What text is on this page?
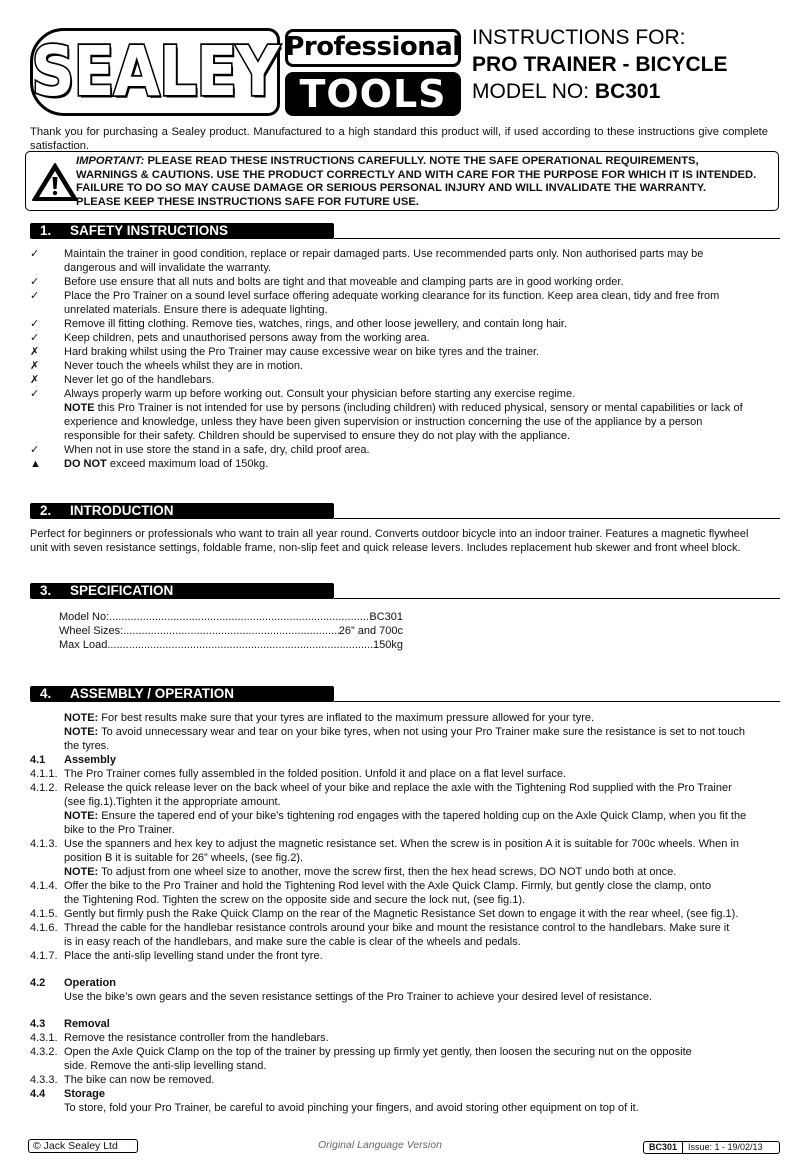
SEALEY Professional
TOOLS
INSTRUCTIONS FOR:
PRO TRAINER - BICYCLE
MODEL NO: BC301
Thank you for purchasing a Sealey product. Manufactured to a high standard this product will, if used according to these instructions give complete satisfaction.
IMPORTANT: PLEASE READ THESE INSTRUCTIONS CAREFULLY. NOTE THE SAFE OPERATIONAL REQUIREMENTS,
WARNINGS & CAUTIONS. USE THE PRODUCT CORRECTLY AND WITH CARE FOR THE PURPOSE FOR WHICH IT IS INTENDED.
FAILURE TO DO SO MAY CAUSE DAMAGE OR SERIOUS PERSONAL INJURY AND WILL INVALIDATE THE WARRANTY.
PLEASE KEEP THESE INSTRUCTIONS SAFE FOR FUTURE USE.
1. SAFETY INSTRUCTIONS
✓	Maintain the trainer in good condition, replace or repair damaged parts. Use recommended parts only. Non authorised parts may be
dangerous and will invalidate the warranty.
✓	Before use ensure that all nuts and bolts are tight and that moveable and clamping parts are in good working order.
✓	Place the Pro Trainer on a sound level surface offering adequate working clearance for its function. Keep area clean, tidy and free from
unrelated materials. Ensure there is adequate lighting.
✓	Remove ill fitting clothing. Remove ties, watches, rings, and other loose jewellery, and contain long hair.
✓	Keep children, pets and unauthorised persons away from the working area.
✗	Hard braking whilst using the Pro Trainer may cause excessive wear on bike tyres and the trainer.
✗	Never touch the wheels whilst they are in motion.
✗	Never let go of the handlebars.
✓	Always properly warm up before working out. Consult your physician before starting any exercise regime.
NOTE this Pro Trainer is not intended for use by persons (including children) with reduced physical, sensory or mental capabilities or lack of
experience and knowledge, unless they have been given supervision or instruction concerning the use of the appliance by a person
responsible for their safety. Children should be supervised to ensure they do not play with the appliance.
✓	When not in use store the stand in a safe, dry, child proof area.
▲ DO NOT exceed maximum load of 150kg.
2. INTRODUCTION
Perfect for beginners or professionals who want to train all year round. Converts outdoor bicycle into an indoor trainer. Features a magnetic flywheel
unit with seven resistance settings, foldable frame, non-slip feet and quick release levers. Includes replacement hub skewer and front wheel block.
3. SPECIFICATION
Model No: .....	BC301
Wheel Sizes: .....	26” and 700c
Max Load .....	150kg
4. ASSEMBLY / OPERATION
NOTE: For best results make sure that your tyres are inflated to the maximum pressure allowed for your tyre.
NOTE: To avoid unnecessary wear and tear on your bike tyres, when not using your Pro Trainer make sure the resistance is set to not touch
the tyres.
4.1 Assembly
4.1.1. The Pro Trainer comes fully assembled in the folded position. Unfold it and place on a flat level surface.
4.1.2. Release the quick release lever on the back wheel of your bike and replace the axle with the Tightening Rod supplied with the Pro Trainer
(see fig.1).Tighten it the appropriate amount.
NOTE: Ensure the tapered end of your bike’s tightening rod engages with the tapered holding cup on the Axle Quick Clamp, when you fit the
bike to the Pro Trainer.
4.1.3. Use the spanners and hex key to adjust the magnetic resistance set. When the screw is in position A it is suitable for 700c wheels. When in
position B it is suitable for 26” wheels, (see fig.2).
NOTE: To adjust from one wheel size to another, move the screw first, then the hex head screws, DO NOT undo both at once.
4.1.4. Offer the bike to the Pro Trainer and hold the Tightening Rod level with the Axle Quick Clamp. Firmly, but gently close the clamp, onto
the Tightening Rod. Tighten the screw on the opposite side and secure the lock nut, (see fig.1).
4.1.5. Gently but firmly push the Rake Quick Clamp on the rear of the Magnetic Resistance Set down to engage it with the rear wheel, (see fig.1).
4.1.6. Thread the cable for the handlebar resistance controls around your bike and mount the resistance control to the handlebars. Make sure it
is in easy reach of the handlebars, and make sure the cable is clear of the wheels and pedals.
4.1.7. Place the anti-slip levelling stand under the front tyre.
4.2 Operation
Use the bike’s own gears and the seven resistance settings of the Pro Trainer to achieve your desired level of resistance.
4.3 Removal
4.3.1. Remove the resistance controller from the handlebars.
4.3.2. Open the Axle Quick Clamp on the top of the trainer by pressing up firmly yet gently, then loosen the securing nut on the opposite
side. Remove the anti-slip levelling stand.
4.3.3. The bike can now be removed.
4.4 Storage
To store, fold your Pro Trainer, be careful to avoid pinching your fingers, and avoid storing other equipment on top of it.
© Jack Sealey Ltd	Original Language Version	BC301	Issue: 1 - 19/02/13
